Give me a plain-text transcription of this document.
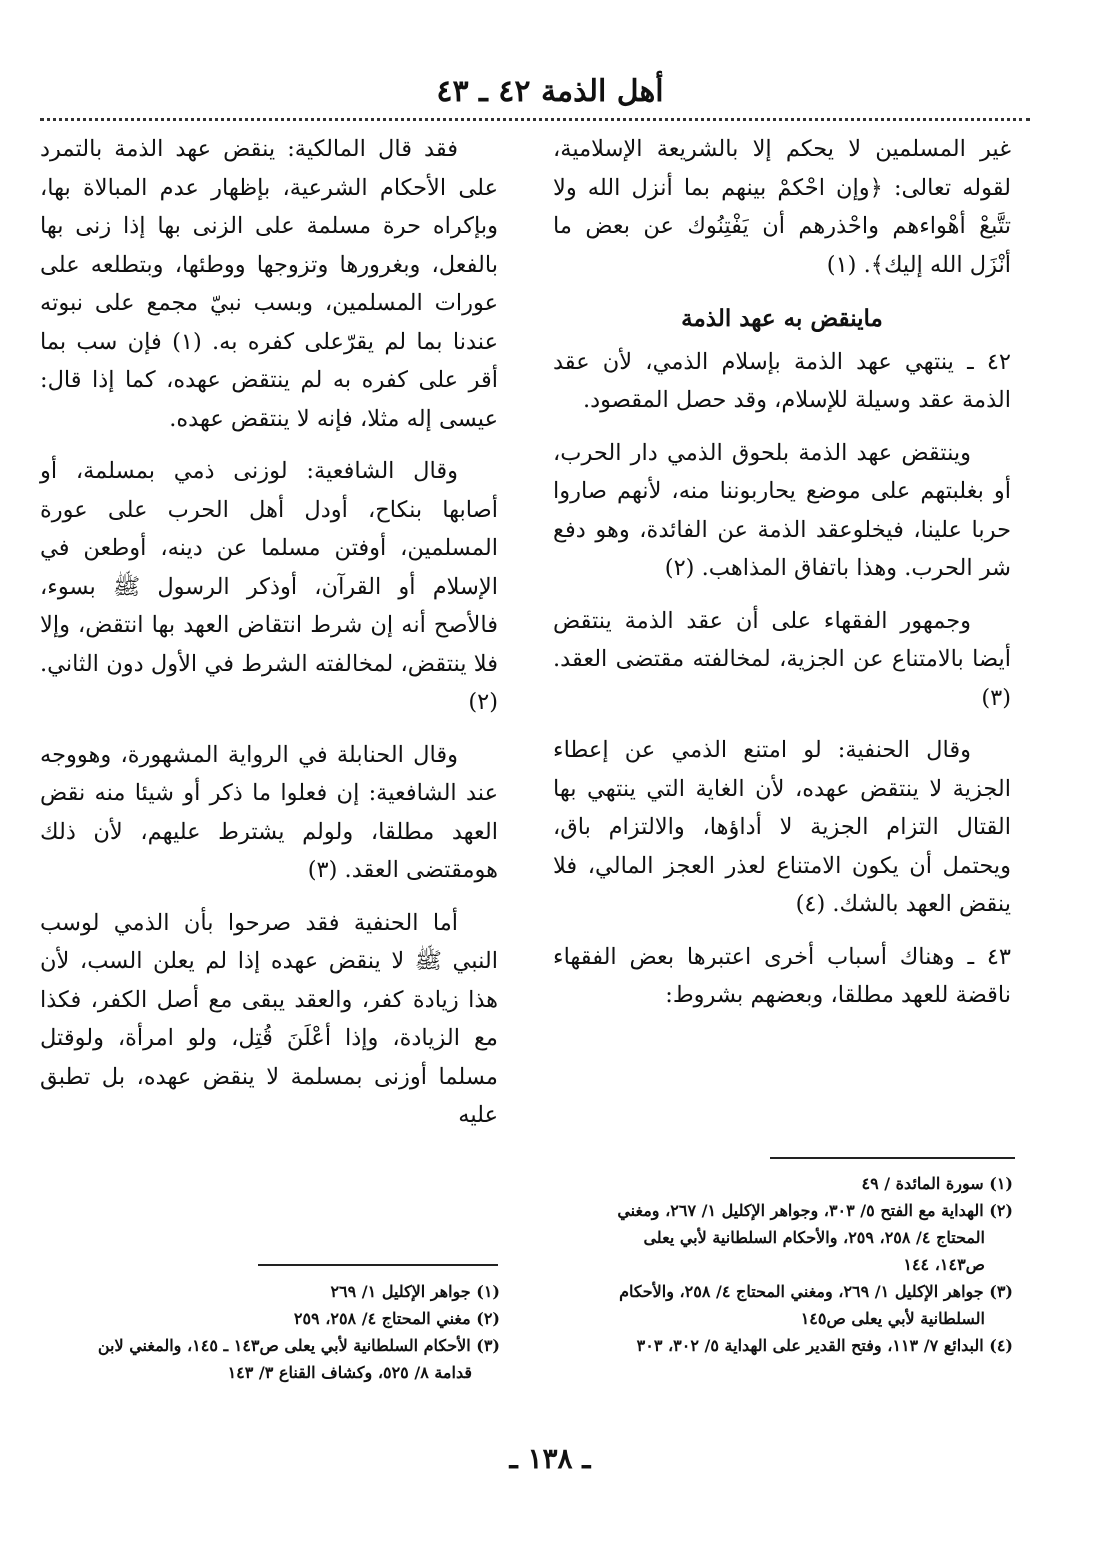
أهل الذمة ٤٢ ـ ٤٣

غير المسلمين لا يحكم إلا بالشريعة الإسلامية، لقوله تعالى: ﴿وإن احْكمْ بينهم بما أنزل الله ولا تتَّبعْ أهْواءهم واحْذرهم أن يَفْتِنُوك عن بعض ما أنْزَل الله إليك﴾. (١)

ماينقض به عهد الذمة

٤٢ ـ ينتهي عهد الذمة بإسلام الذمي، لأن عقد الذمة عقد وسيلة للإسلام، وقد حصل المقصود.

وينتقض عهد الذمة بلحوق الذمي دار الحرب، أو بغلبتهم على موضع يحاربوننا منه، لأنهم صاروا حربا علينا، فيخلوعقد الذمة عن الفائدة، وهو دفع شر الحرب. وهذا باتفاق المذاهب. (٢)

وجمهور الفقهاء على أن عقد الذمة ينتقض أيضا بالامتناع عن الجزية، لمخالفته مقتضى العقد. (٣)

وقال الحنفية: لو امتنع الذمي عن إعطاء الجزية لا ينتقض عهده، لأن الغاية التي ينتهي بها القتال التزام الجزية لا أداؤها، والالتزام باق، ويحتمل أن يكون الامتناع لعذر العجز المالي، فلا ينقض العهد بالشك. (٤)

٤٣ ـ وهناك أسباب أخرى اعتبرها بعض الفقهاء ناقضة للعهد مطلقا، وبعضهم بشروط:

فقد قال المالكية: ينقض عهد الذمة بالتمرد على الأحكام الشرعية، بإظهار عدم المبالاة بها، وبإكراه حرة مسلمة على الزنى بها إذا زنى بها بالفعل، وبغرورها وتزوجها ووطئها، وبتطلعه على عورات المسلمين، وبسب نبيّ مجمع على نبوته عندنا بما لم يقرّعلى كفره به. (١) فإن سب بما أقر على كفره به لم ينتقض عهده، كما إذا قال: عيسى إله مثلا، فإنه لا ينتقض عهده.

وقال الشافعية: لوزنى ذمي بمسلمة، أو أصابها بنكاح، أودل أهل الحرب على عورة المسلمين، أوفتن مسلما عن دينه، أوطعن في الإسلام أو القرآن، أوذكر الرسول ﷺ بسوء، فالأصح أنه إن شرط انتقاض العهد بها انتقض، وإلا فلا ينتقض، لمخالفته الشرط في الأول دون الثاني. (٢)

وقال الحنابلة في الرواية المشهورة، وهووجه عند الشافعية: إن فعلوا ما ذكر أو شيئا منه نقض العهد مطلقا، ولولم يشترط عليهم، لأن ذلك هومقتضى العقد. (٣)

أما الحنفية فقد صرحوا بأن الذمي لوسب النبي ﷺ لا ينقض عهده إذا لم يعلن السب، لأن هذا زيادة كفر، والعقد يبقى مع أصل الكفر، فكذا مع الزيادة، وإذا أعْلَنَ قُتِل، ولو امرأة، ولوقتل مسلما أوزنى بمسلمة لا ينقض عهده، بل تطبق عليه

(١) سورة المائدة / ٤٩
(٢) الهداية مع الفتح ٥/ ٣٠٣، وجواهر الإكليل ١/ ٢٦٧، ومغني
المحتاج ٤/ ٢٥٨، ٢٥٩، والأحكام السلطانية لأبي يعلى
ص١٤٣، ١٤٤
(٣) جواهر الإكليل ١/ ٢٦٩، ومغني المحتاج ٤/ ٢٥٨، والأحكام
السلطانية لأبي يعلى ص١٤٥
(٤) البدائع ٧/ ١١٣، وفتح القدير على الهداية ٥/ ٣٠٢، ٣٠٣
(١) جواهر الإكليل ١/ ٢٦٩
(٢) مغني المحتاج ٤/ ٢٥٨، ٢٥٩
(٣) الأحكام السلطانية لأبي يعلى ص١٤٣ ـ ١٤٥، والمغني لابن
قدامة ٨/ ٥٢٥، وكشاف القناع ٣/ ١٤٣
ـ ١٣٨ ـ
